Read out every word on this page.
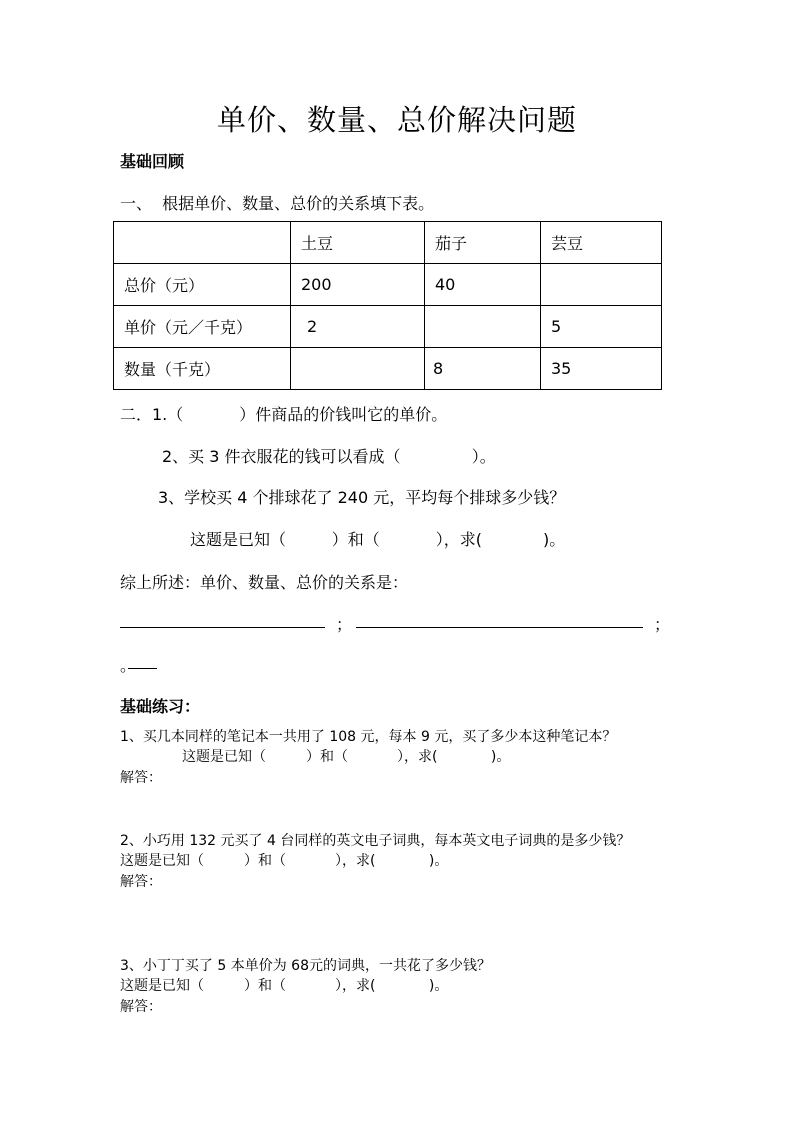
单价、数量、总价解决问题
基础回顾
一、  根据单价、数量、总价的关系填下表。
	土豆	茄子	芸豆
总价（元）	200	40	
单价（元／千克）	2		5
数量（千克）		8	35
二．1.（           ）件商品的价钱叫它的单价。
2、买 3 件衣服花的钱可以看成（              ）。
3、学校买 4 个排球花了 240 元，平均每个排球多少钱？
这题是已知（         ）和（           ），求(            )。
综上所述：单价、数量、总价的关系是：
；	；
。
基础练习：
1、买几本同样的笔记本一共用了 108 元，每本 9 元，买了多少本这种笔记本？
这题是已知（         ）和（           ），求(            )。
解答：
2、小巧用 132 元买了 4 台同样的英文电子词典，每本英文电子词典的是多少钱？
这题是已知（         ）和（           ），求(            )。
解答：
3、小丁丁买了 5 本单价为 68元的词典，一共花了多少钱？
这题是已知（         ）和（           ），求(            )。
解答：
